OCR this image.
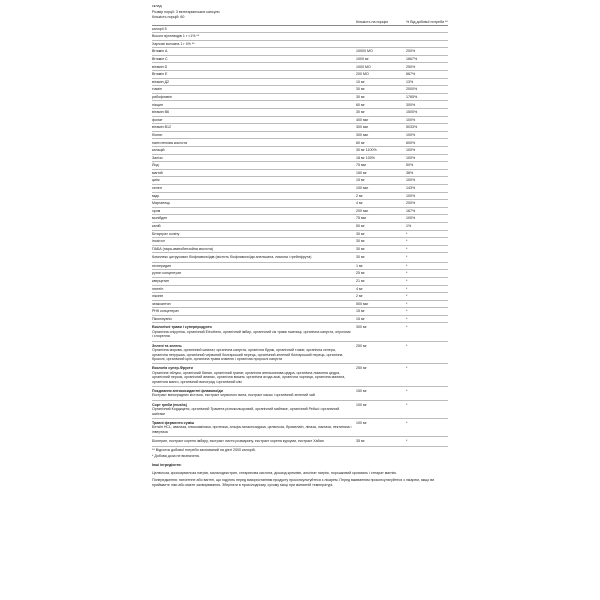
склад
Розмір порції: 3 вегетаріанських капсули
Кількість порцій: 60
Кількість на порцію	% Від добової потреби **
калорії 5
Всього вуглеводів 1 г <1% **
Харчові волокна 1 г 4% **
Вітамін А	10000 МО	200%
Вітамін С	1000 мг	1667%
вітамін D	1000 МО	250%
Вітамін Е	200 МО	667%
вітамін Д2	10 мг	13%
тіамін	30 мг	2000%
рибофлавін	30 мг	1765%
ніацин	60 мг	300%
вітамін В6	30 мг	1500%
фолат	400 мкг	100%
вітамін В12	300 мкг	5033%
біотин	300 мкг	100%
пантотенова кислота	60 мг	600%
кальцій	30 мг 1100%	100%
Залізо	18 мг 100%	100%
Йод	75 мкг	50%
магній	150 мг	38%
цинк	15 мг	100%
селен	100 мкг	143%
мідь	2 мг	100%
Марганець	4 мг	200%
хром	200 мкг	167%
молібден	75 мкг	100%
калій	50 мг	1%
Бітартрат холіну	30 мг	*
інозітол	30 мг	*
ПАБА (пара-амінобензойна кислота)	30 мг	*
Комплекс цитрусових біофлавоноїдів (містить біофлавоноїди апельсина, лимона і грейпфрута)	30 мг	*
гесперидин	1 мг	*
рутин концентрат	25 мг	*
кверцетин	21 мг	*
лютеїн	4 мг	*
лікопін	2 мг	*
зеаксантин	500 мкг	*
РНК концентрат	15 мг	*
Піколінуєніс	15 мг	*
Екологічні трави і суперпродукти
Органічна спіруліна, органічний Eleuthero, органічний імбир, органічний сік трави пшениці, органічна капуста, огірочник і хлорелла
300 мг	*
Зелені та зелень
Органічна морква, органічний шпинат, органічна капуста, органічна буряк, органічний томат, органічна селера, органічна петрушка, органічний червоний болгарський перець, органічний зелений болгарський перець, органічна броколі, органічний кріп, органічна трава ячменю і органічна пророслі капусти
250 мг	*
Екологія супер-Фрукти
Органічне яблуко, органічний банан, органічний гранат, органічна апельсинова цедра, органічна лимонна цедра, органічний персик, органічний ананас, органічна вишня, органічна ягода асаі, органічна чорниця, органічна малина, органічна манго, органічний виноград і органічний ківі
250 мг	*
Поєднання антиоксидантні флавоноїди
Екстракт виноградних кісточок, екстракт червоного вина, екстракт какао і органічний зелений чай
150 мг	*
Сорт гриби (mushs)
Органічний Кордицепс, органічний Трамета різнокольоровий, органічний майтаке, органічний Рейші і органічний шиїтаке
100 мг	*
Травні ферменти суміш
Бетаїн HCL, амілаза, глюкоамілаза, протеаза, альфа-галактозидаза, целюлоза, бромелаїн, ліпаза, лактаза, пектиназа і інвертаза
100 мг	*
Біоперин, екстракт кореня імбиру, екстракт листя розмарину, екстракт кореня куркуми, екстракт Хайан	35 мг	*
** Відсоток добової потреби заснований на дієті 2000 калорій.
* Добова доза не визначена.

Інші інгредієнти:

Целюлоза, кроскармелоза натрію, мальтодекстрин, стеаринова кислота, діоксид кремнію, альгінат натрію, порошковий крохмаль і стеарат магнію.

Попередження: патогенне або вагітні, що годують перед використанням продукту проконсультуйтеся з лікарем. Перед вживанням проконсультуйтеся з лікарем, якщо ви приймаєте ліки або маєте захворювання. Зберігати в прохолодному, сухому місці при кімнатній температурі.
